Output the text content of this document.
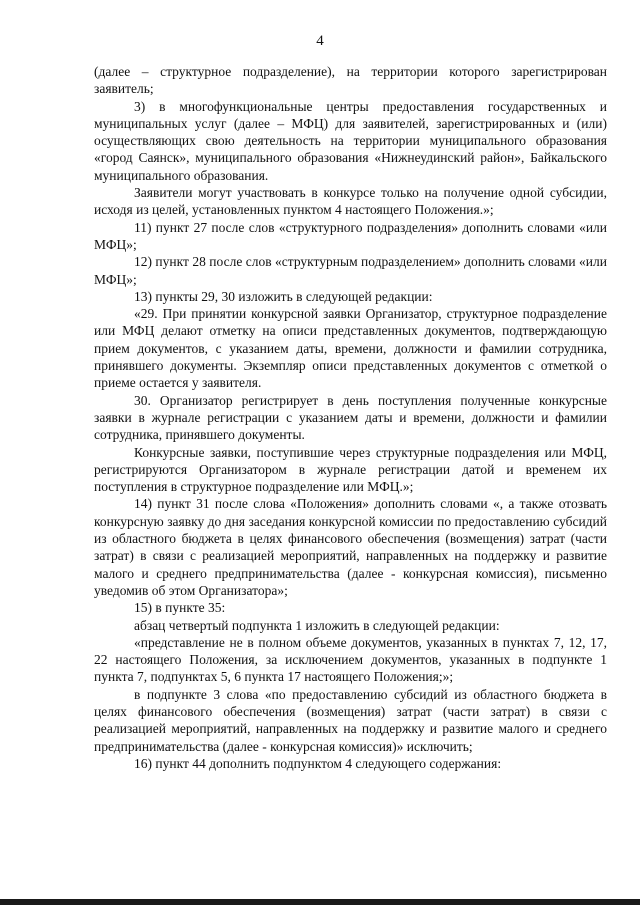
4

(далее – структурное подразделение), на территории которого зарегистрирован заявитель;

3) в многофункциональные центры предоставления государственных и муниципальных услуг (далее – МФЦ) для заявителей, зарегистрированных и (или) осуществляющих свою деятельность на территории муниципального образования «город Саянск», муниципального образования «Нижнеудинский район», Байкальского муниципального образования.

Заявители могут участвовать в конкурсе только на получение одной субсидии, исходя из целей, установленных пунктом 4 настоящего Положения.»;

11) пункт 27 после слов «структурного подразделения» дополнить словами «или МФЦ»;

12) пункт 28 после слов «структурным подразделением» дополнить словами «или МФЦ»;

13) пункты 29, 30 изложить в следующей редакции:

«29. При принятии конкурсной заявки Организатор, структурное подразделение или МФЦ делают отметку на описи представленных документов, подтверждающую прием документов, с указанием даты, времени, должности и фамилии сотрудника, принявшего документы. Экземпляр описи представленных документов с отметкой о приеме остается у заявителя.

30. Организатор регистрирует в день поступления полученные конкурсные заявки в журнале регистрации с указанием даты и времени, должности и фамилии сотрудника, принявшего документы.

Конкурсные заявки, поступившие через структурные подразделения или МФЦ, регистрируются Организатором в журнале регистрации датой и временем их поступления в структурное подразделение или МФЦ.»;

14) пункт 31 после слова «Положения» дополнить словами «, а также отозвать конкурсную заявку до дня заседания конкурсной комиссии по предоставлению субсидий из областного бюджета в целях финансового обеспечения (возмещения) затрат (части затрат) в связи с реализацией мероприятий, направленных на поддержку и развитие малого и среднего предпринимательства (далее - конкурсная комиссия), письменно уведомив об этом Организатора»;

15) в пункте 35:

абзац четвертый подпункта 1 изложить в следующей редакции:

«представление не в полном объеме документов, указанных в пунктах 7, 12, 17, 22 настоящего Положения, за исключением документов, указанных в подпункте 1 пункта 7, подпунктах 5, 6 пункта 17 настоящего Положения;»;

в подпункте 3 слова «по предоставлению субсидий из областного бюджета в целях финансового обеспечения (возмещения) затрат (части затрат) в связи с реализацией мероприятий, направленных на поддержку и развитие малого и среднего предпринимательства (далее - конкурсная комиссия)» исключить;

16) пункт 44 дополнить подпунктом 4 следующего содержания:
